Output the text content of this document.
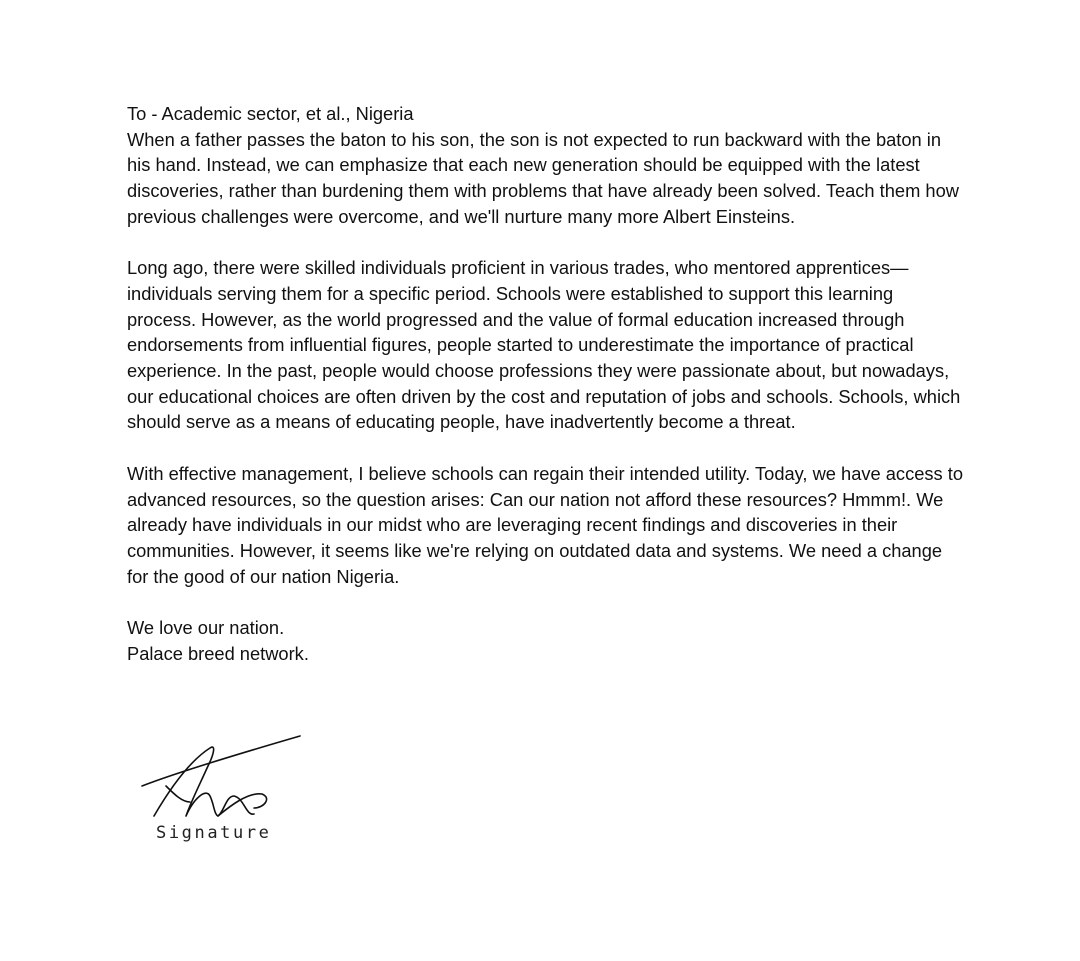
To - Academic sector, et al., Nigeria

When a father passes the baton to his son, the son is not expected to run backward with the baton in his hand. Instead, we can emphasize that each new generation should be equipped with the latest discoveries, rather than burdening them with problems that have already been solved. Teach them how previous challenges were overcome, and we'll nurture many more Albert Einsteins.

Long ago, there were skilled individuals proficient in various trades, who mentored apprentices—individuals serving them for a specific period. Schools were established to support this learning process. However, as the world progressed and the value of formal education increased through endorsements from influential figures, people started to underestimate the importance of practical experience. In the past, people would choose professions they were passionate about, but nowadays, our educational choices are often driven by the cost and reputation of jobs and schools. Schools, which should serve as a means of educating people, have inadvertently become a threat.

With effective management, I believe schools can regain their intended utility. Today, we have access to advanced resources, so the question arises: Can our nation not afford these resources? Hmmm!. We already have individuals in our midst who are leveraging recent findings and discoveries in their communities. However, it seems like we're relying on outdated data and systems. We need a change for the good of our nation Nigeria.

We love our nation.
Palace breed network.
Signature
